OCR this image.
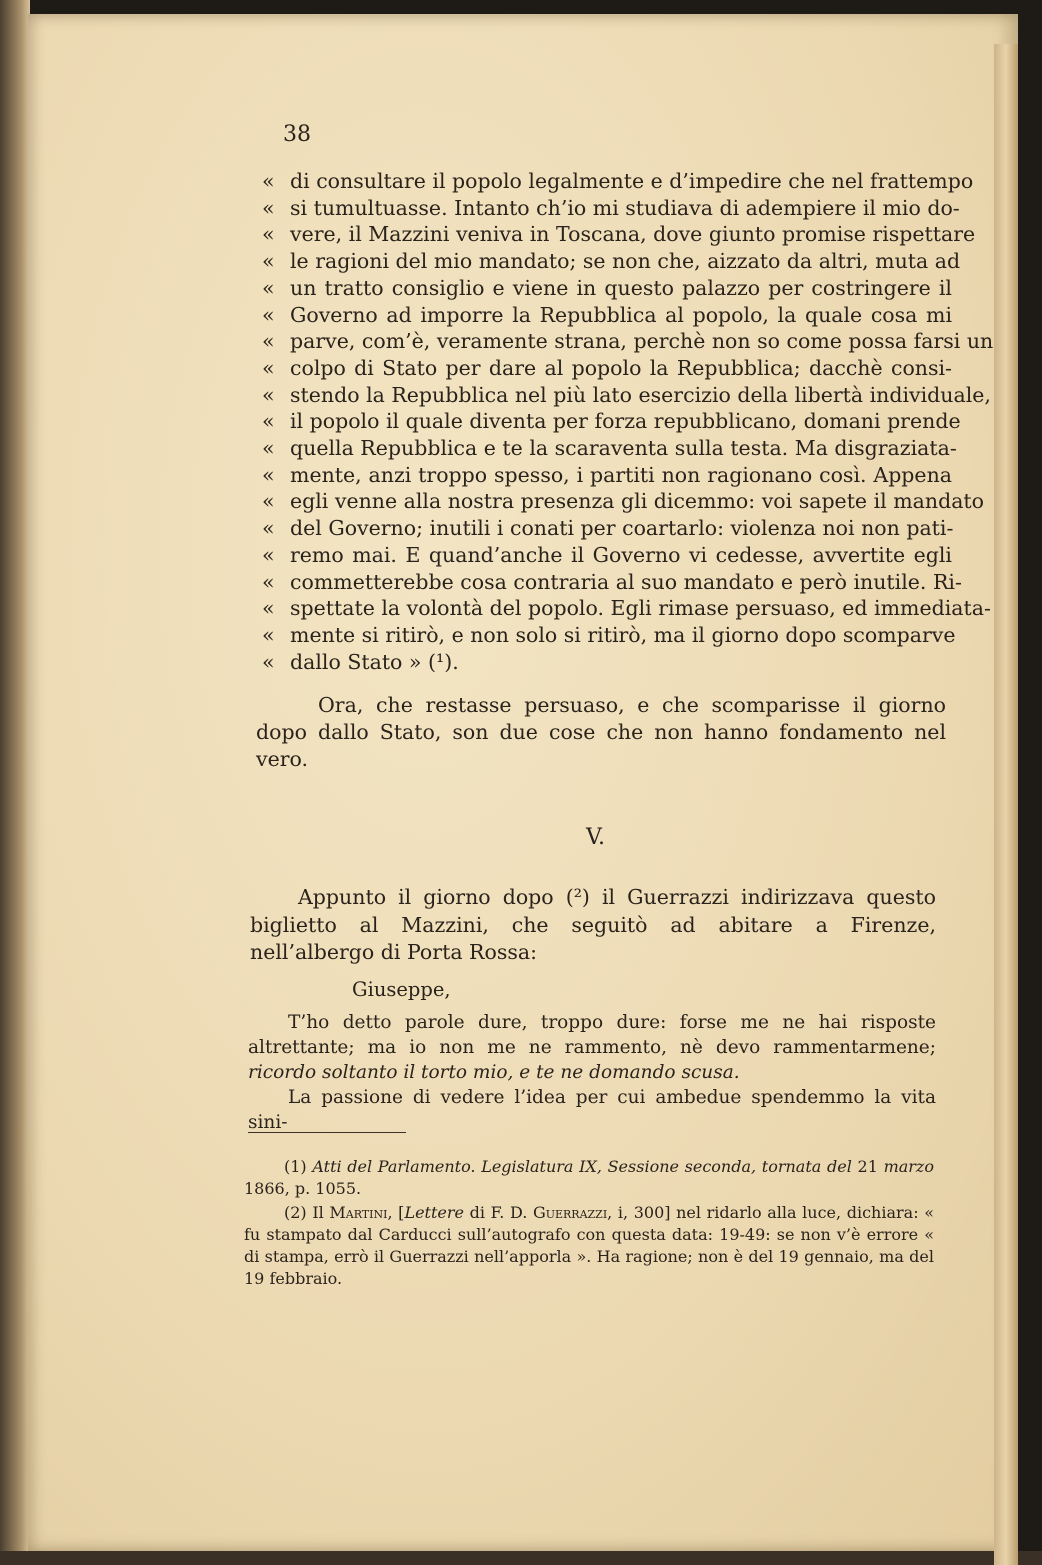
38
« di consultare il popolo legalmente e d’impedire che nel frattempo
« si tumultuasse. Intanto ch’io mi studiava di adempiere il mio do-
« vere, il Mazzini veniva in Toscana, dove giunto promise rispettare
« le ragioni del mio mandato; se non che, aizzato da altri, muta ad
« un tratto consiglio e viene in questo palazzo per costringere il
« Governo ad imporre la Repubblica al popolo, la quale cosa mi
« parve, com’è, veramente strana, perchè non so come possa farsi un
« colpo di Stato per dare al popolo la Repubblica; dacchè consi-
« stendo la Repubblica nel più lato esercizio della libertà individuale,
« il popolo il quale diventa per forza repubblicano, domani prende
« quella Repubblica e te la scaraventa sulla testa. Ma disgraziata-
« mente, anzi troppo spesso, i partiti non ragionano così. Appena
« egli venne alla nostra presenza gli dicemmo: voi sapete il mandato
« del Governo; inutili i conati per coartarlo: violenza noi non pati-
« remo mai. E quand’anche il Governo vi cedesse, avvertite egli
« commetterebbe cosa contraria al suo mandato e però inutile. Ri-
« spettate la volontà del popolo. Egli rimase persuaso, ed immediata-
« mente si ritirò, e non solo si ritirò, ma il giorno dopo scomparve
« dallo Stato » (¹).
Ora, che restasse persuaso, e che scomparisse il giorno dopo dallo Stato, son due cose che non hanno fondamento nel vero.
V.
Appunto il giorno dopo (²) il Guerrazzi indirizzava questo biglietto al Mazzini, che seguitò ad abitare a Firenze, nell’albergo di Porta Rossa:
Giuseppe,

T’ho detto parole dure, troppo dure: forse me ne hai risposte altrettante; ma io non me ne rammento, nè devo rammentarmene; ricordo soltanto il torto mio, e te ne domando scusa.

La passione di vedere l’idea per cui ambedue spendemmo la vita sini-

(1) Atti del Parlamento. Legislatura IX, Sessione seconda, tornata del 21 marzo 1866, p. 1055.

(2) Il Martini, [Lettere di F. D. Guerrazzi, i, 300] nel ridarlo alla luce, dichiara: « fu stampato dal Carducci sull’autografo con questa data: 19-49: se non v’è errore « di stampa, errò il Guerrazzi nell’apporla ». Ha ragione; non è del 19 gennaio, ma del 19 febbraio.
